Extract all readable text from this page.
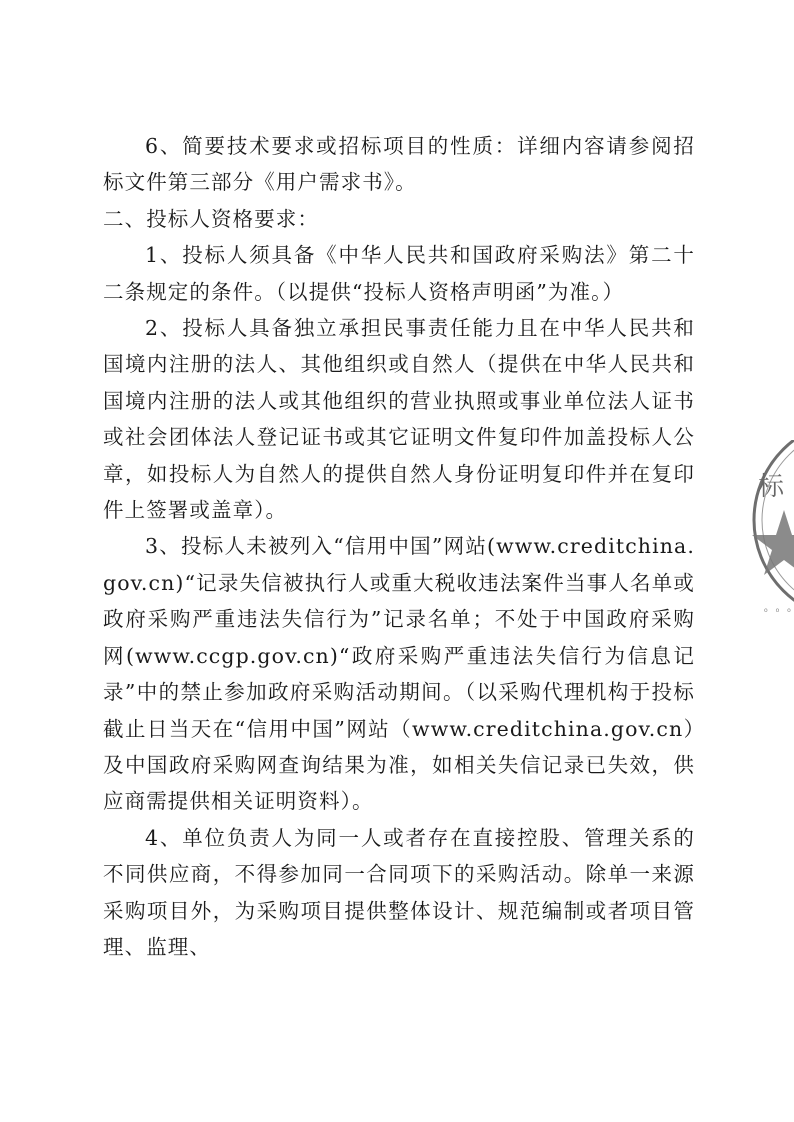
6、简要技术要求或招标项目的性质：详细内容请参阅招标文件第三部分《用户需求书》。

二、投标人资格要求：

1、投标人须具备《中华人民共和国政府采购法》第二十二条规定的条件。（以提供“投标人资格声明函”为准。）

2、投标人具备独立承担民事责任能力且在中华人民共和国境内注册的法人、其他组织或自然人（提供在中华人民共和国境内注册的法人或其他组织的营业执照或事业单位法人证书或社会团体法人登记证书或其它证明文件复印件加盖投标人公章，如投标人为自然人的提供自然人身份证明复印件并在复印件上签署或盖章）。

3、投标人未被列入“信用中国”网站(www.creditchina.gov.cn)“记录失信被执行人或重大税收违法案件当事人名单或政府采购严重违法失信行为”记录名单；不处于中国政府采购网(www.ccgp.gov.cn)“政府采购严重违法失信行为信息记录”中的禁止参加政府采购活动期间。（以采购代理机构于投标截止日当天在“信用中国”网站（www.creditchina.gov.cn）及中国政府采购网查询结果为准，如相关失信记录已失效，供应商需提供相关证明资料）。

4、单位负责人为同一人或者存在直接控股、管理关系的不同供应商，不得参加同一合同项下的采购活动。除单一来源采购项目外，为采购项目提供整体设计、规范编制或者项目管理、监理、

标
o o o
